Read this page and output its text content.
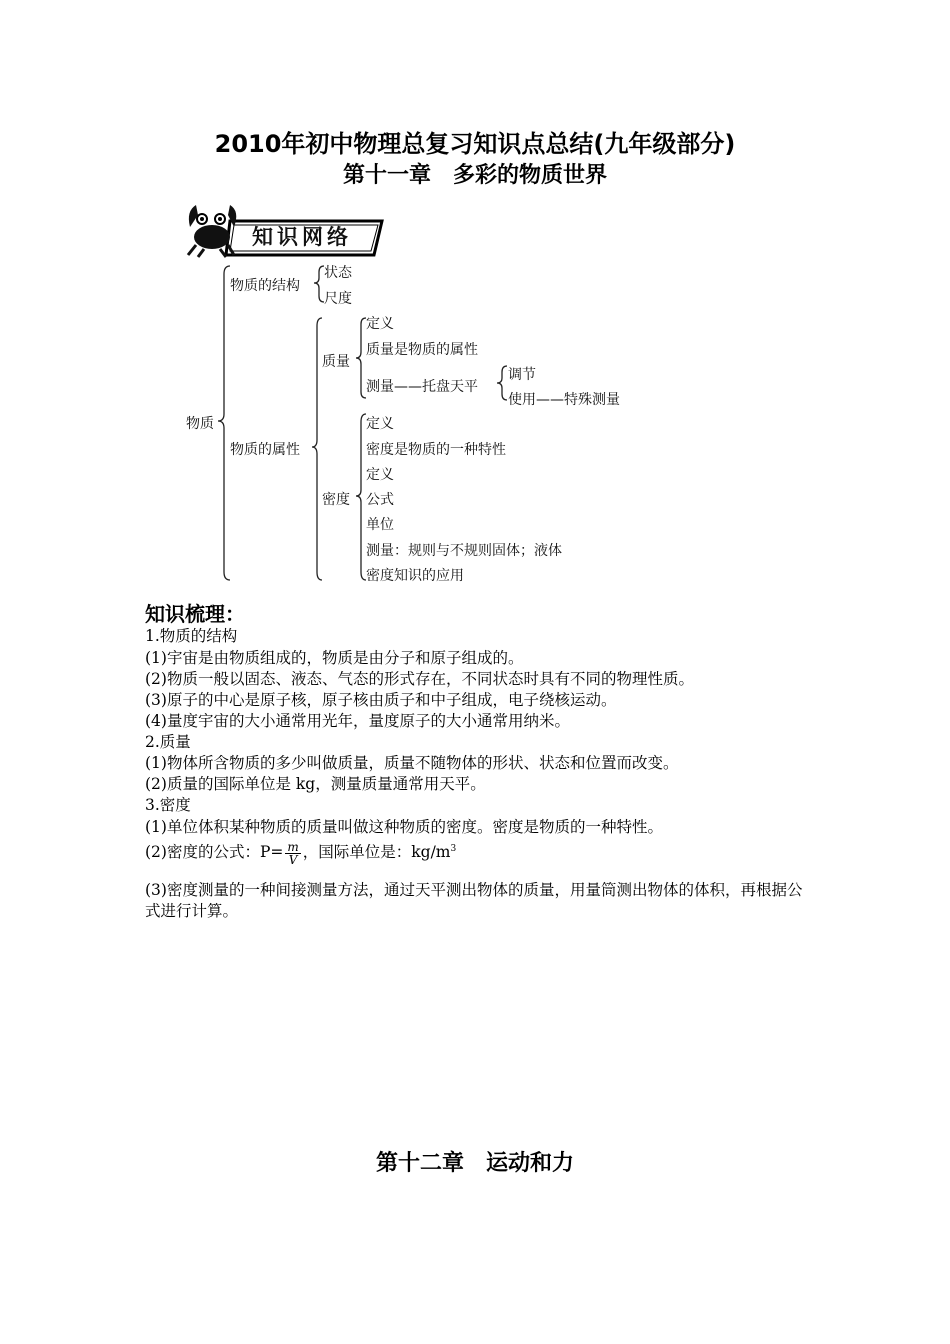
2010年初中物理总复习知识点总结(九年级部分)
第十一章　多彩的物质世界
知识网络
物质
物质的结构
状态
尺度
物质的属性
质量
定义
质量是物质的属性
测量——托盘天平
调节
使用——特殊测量
密度
定义
密度是物质的一种特性
定义
公式
单位
测量：规则与不规则固体；液体
密度知识的应用
知识梳理：
1.物质的结构
(1)宇宙是由物质组成的，物质是由分子和原子组成的。
(2)物质一般以固态、液态、气态的形式存在，不同状态时具有不同的物理性质。
(3)原子的中心是原子核，原子核由质子和中子组成，电子绕核运动。
(4)量度宇宙的大小通常用光年，量度原子的大小通常用纳米。
2.质量
(1)物体所含物质的多少叫做质量，质量不随物体的形状、状态和位置而改变。
(2)质量的国际单位是 kg，测量质量通常用天平。
3.密度
(1)单位体积某种物质的质量叫做这种物质的密度。密度是物质的一种特性。
(2)密度的公式：$P= \frac{m}{V}$ ，国际单位是：$kg/m^3$
(3)密度测量的一种间接测量方法，通过天平测出物体的质量，用量筒测出物体的体积，再根据公式进行计算。
第十二章　运动和力
